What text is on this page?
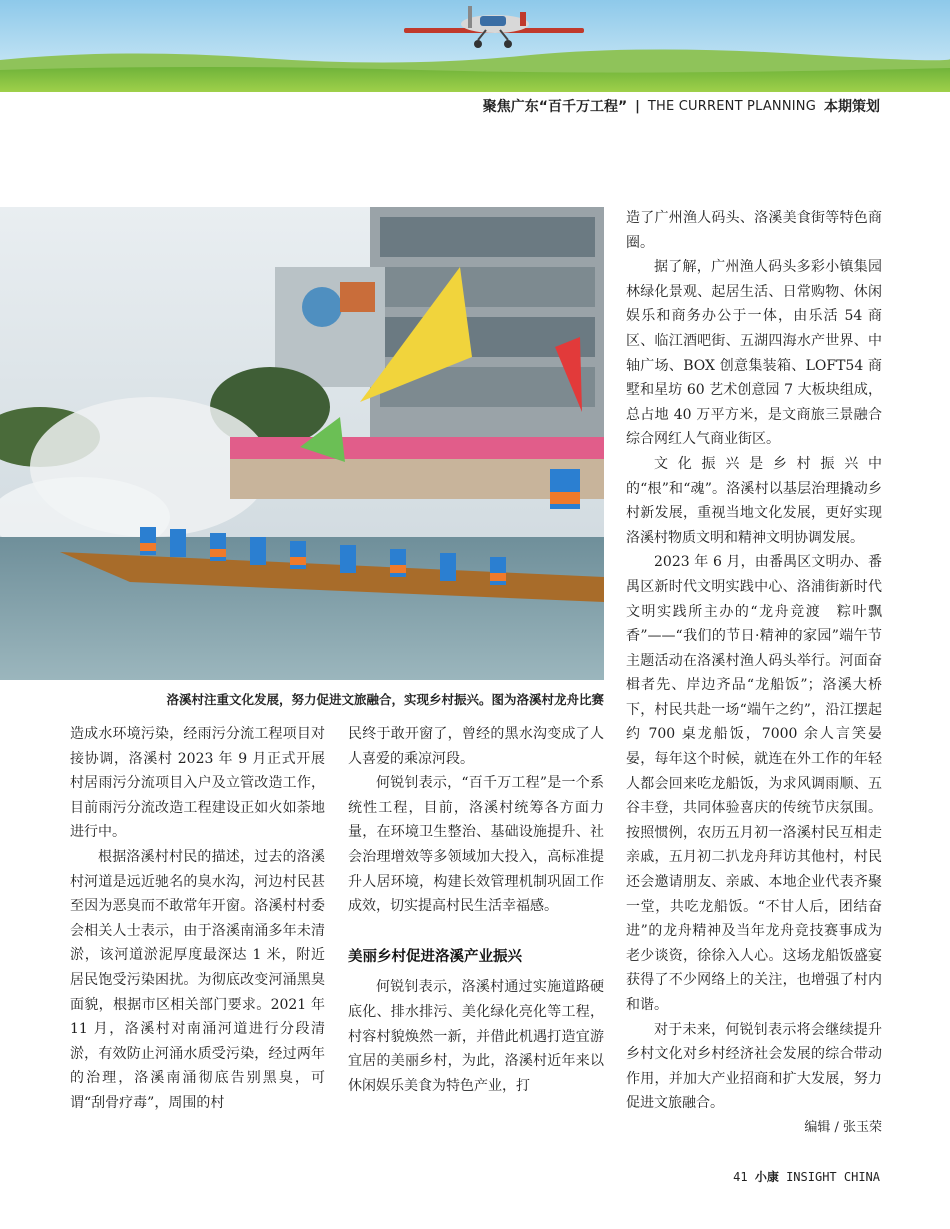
聚焦广东“百千万工程” | THE CURRENT PLANNING 本期策划
洛溪村注重文化发展，努力促进文旅融合，实现乡村振兴。图为洛溪村龙舟比赛

造成水环境污染，经雨污分流工程项目对接协调，洛溪村 2023 年 9 月正式开展村居雨污分流项目入户及立管改造工作，目前雨污分流改造工程建设正如火如荼地进行中。

根据洛溪村村民的描述，过去的洛溪村河道是远近驰名的臭水沟，河边村民甚至因为恶臭而不敢常年开窗。洛溪村村委会相关人士表示，由于洛溪南涌多年未清淤，该河道淤泥厚度最深达 1 米，附近居民饱受污染困扰。为彻底改变河涌黑臭面貌，根据市区相关部门要求。2021 年 11 月，洛溪村对南涌河道进行分段清淤，有效防止河涌水质受污染，经过两年的治理，洛溪南涌彻底告别黑臭，可谓“刮骨疗毒”，周围的村

民终于敢开窗了，曾经的黑水沟变成了人人喜爱的乘凉河段。

何锐钊表示，“百千万工程”是一个系统性工程，目前，洛溪村统筹各方面力量，在环境卫生整治、基础设施提升、社会治理增效等多领域加大投入，高标准提升人居环境，构建长效管理机制巩固工作成效，切实提高村民生活幸福感。

美丽乡村促进洛溪产业振兴

何锐钊表示，洛溪村通过实施道路硬底化、排水排污、美化绿化亮化等工程，村容村貌焕然一新，并借此机遇打造宜游宜居的美丽乡村，为此，洛溪村近年来以休闲娱乐美食为特色产业，打

造了广州渔人码头、洛溪美食街等特色商圈。

据了解，广州渔人码头多彩小镇集园林绿化景观、起居生活、日常购物、休闲娱乐和商务办公于一体，由乐活 54 商区、临江酒吧街、五湖四海水产世界、中轴广场、BOX 创意集装箱、LOFT54 商墅和星坊 60 艺术创意园 7 大板块组成，总占地 40 万平方米，是文商旅三景融合综合网红人气商业街区。

文化振兴是乡村振兴中的“根”和“魂”。洛溪村以基层治理撬动乡村新发展，重视当地文化发展，更好实现洛溪村物质文明和精神文明协调发展。

2023 年 6 月，由番禺区文明办、番禺区新时代文明实践中心、洛浦街新时代文明实践所主办的“龙舟竞渡　粽叶飘香”——“我们的节日·精神的家园”端午节主题活动在洛溪村渔人码头举行。河面奋楫者先、岸边齐品“龙船饭”；洛溪大桥下，村民共赴一场“端午之约”，沿江摆起约 700 桌龙船饭，7000 余人言笑晏晏，每年这个时候，就连在外工作的年轻人都会回来吃龙船饭，为求风调雨顺、五谷丰登，共同体验喜庆的传统节庆氛围。按照惯例，农历五月初一洛溪村民互相走亲戚，五月初二扒龙舟拜访其他村，村民还会邀请朋友、亲戚、本地企业代表齐聚一堂，共吃龙船饭。“不甘人后，团结奋进”的龙舟精神及当年龙舟竞技赛事成为老少谈资，徐徐入人心。这场龙船饭盛宴获得了不少网络上的关注，也增强了村内和谐。

对于未来，何锐钊表示将会继续提升乡村文化对乡村经济社会发展的综合带动作用，并加大产业招商和扩大发展，努力促进文旅融合。

编辑 / 张玉荣

41 小康 INSIGHT CHINA
